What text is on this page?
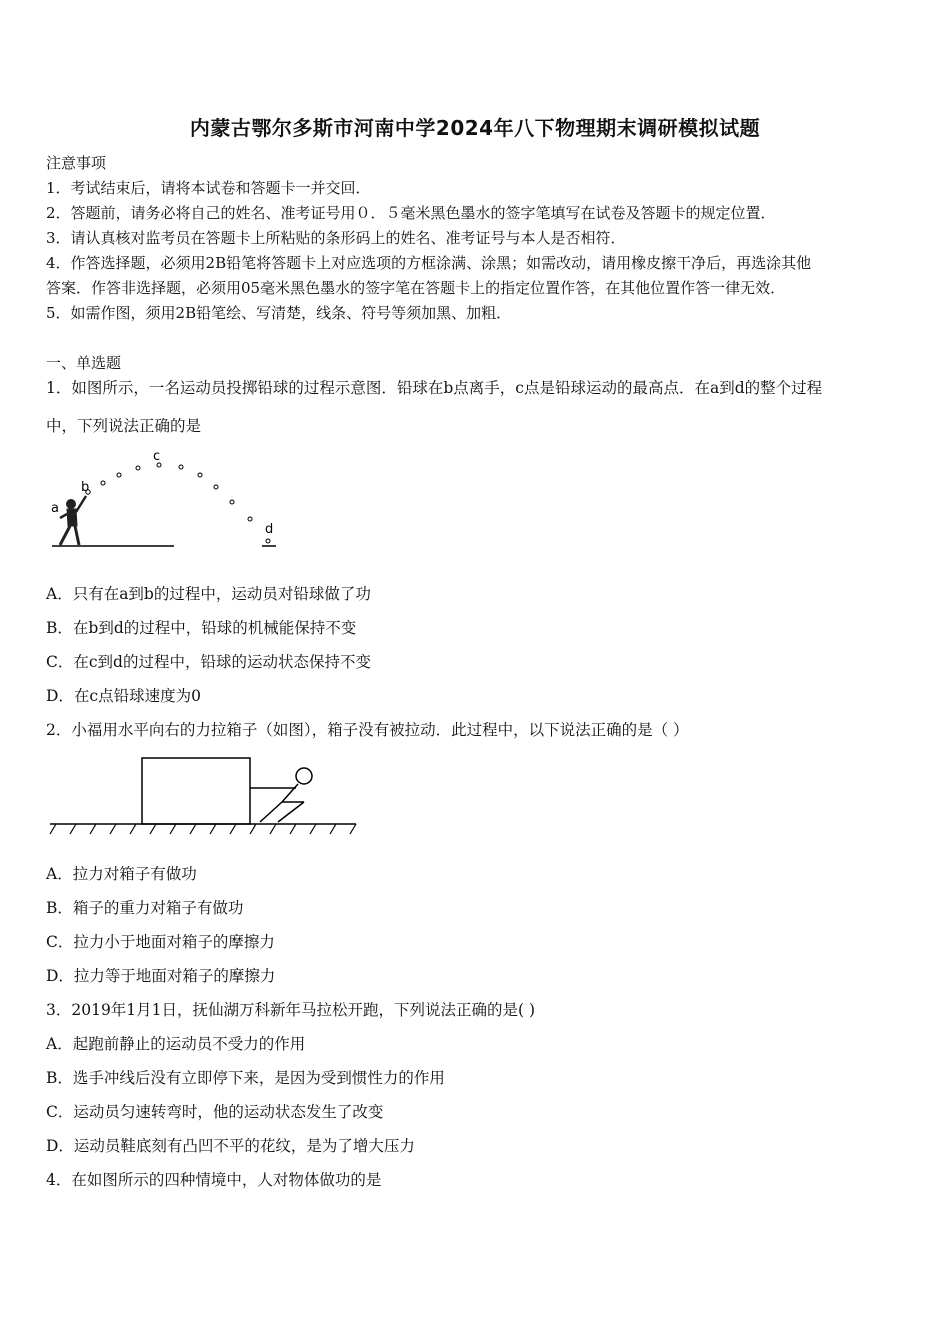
内蒙古鄂尔多斯市河南中学2024年八下物理期末调研模拟试题
注意事项
1．考试结束后，请将本试卷和答题卡一并交回．
2．答题前，请务必将自己的姓名、准考证号用０．５毫米黑色墨水的签字笔填写在试卷及答题卡的规定位置．
3．请认真核对监考员在答题卡上所粘贴的条形码上的姓名、准考证号与本人是否相符．
4．作答选择题，必须用2B铅笔将答题卡上对应选项的方框涂满、涂黑；如需改动，请用橡皮擦干净后，再选涂其他
答案．作答非选择题，必须用05毫米黑色墨水的签字笔在答题卡上的指定位置作答，在其他位置作答一律无效．
5．如需作图，须用2B铅笔绘、写清楚，线条、符号等须加黑、加粗．
一、单选题
1．如图所示，一名运动员投掷铅球的过程示意图．铅球在b点离手，c点是铅球运动的最高点．在a到d的整个过程
中，下列说法正确的是
a
b
c
d
A．只有在a到b的过程中，运动员对铅球做了功
B．在b到d的过程中，铅球的机械能保持不变
C．在c到d的过程中，铅球的运动状态保持不变
D．在c点铅球速度为0
2．小福用水平向右的力拉箱子（如图），箱子没有被拉动．此过程中，以下说法正确的是（ ）
A．拉力对箱子有做功
B．箱子的重力对箱子有做功
C．拉力小于地面对箱子的摩擦力
D．拉力等于地面对箱子的摩擦力
3．2019年1月1日，抚仙湖万科新年马拉松开跑，下列说法正确的是( )
A．起跑前静止的运动员不受力的作用
B．选手冲线后没有立即停下来，是因为受到惯性力的作用
C．运动员匀速转弯时，他的运动状态发生了改变
D．运动员鞋底刻有凸凹不平的花纹，是为了增大压力
4．在如图所示的四种情境中，人对物体做功的是
